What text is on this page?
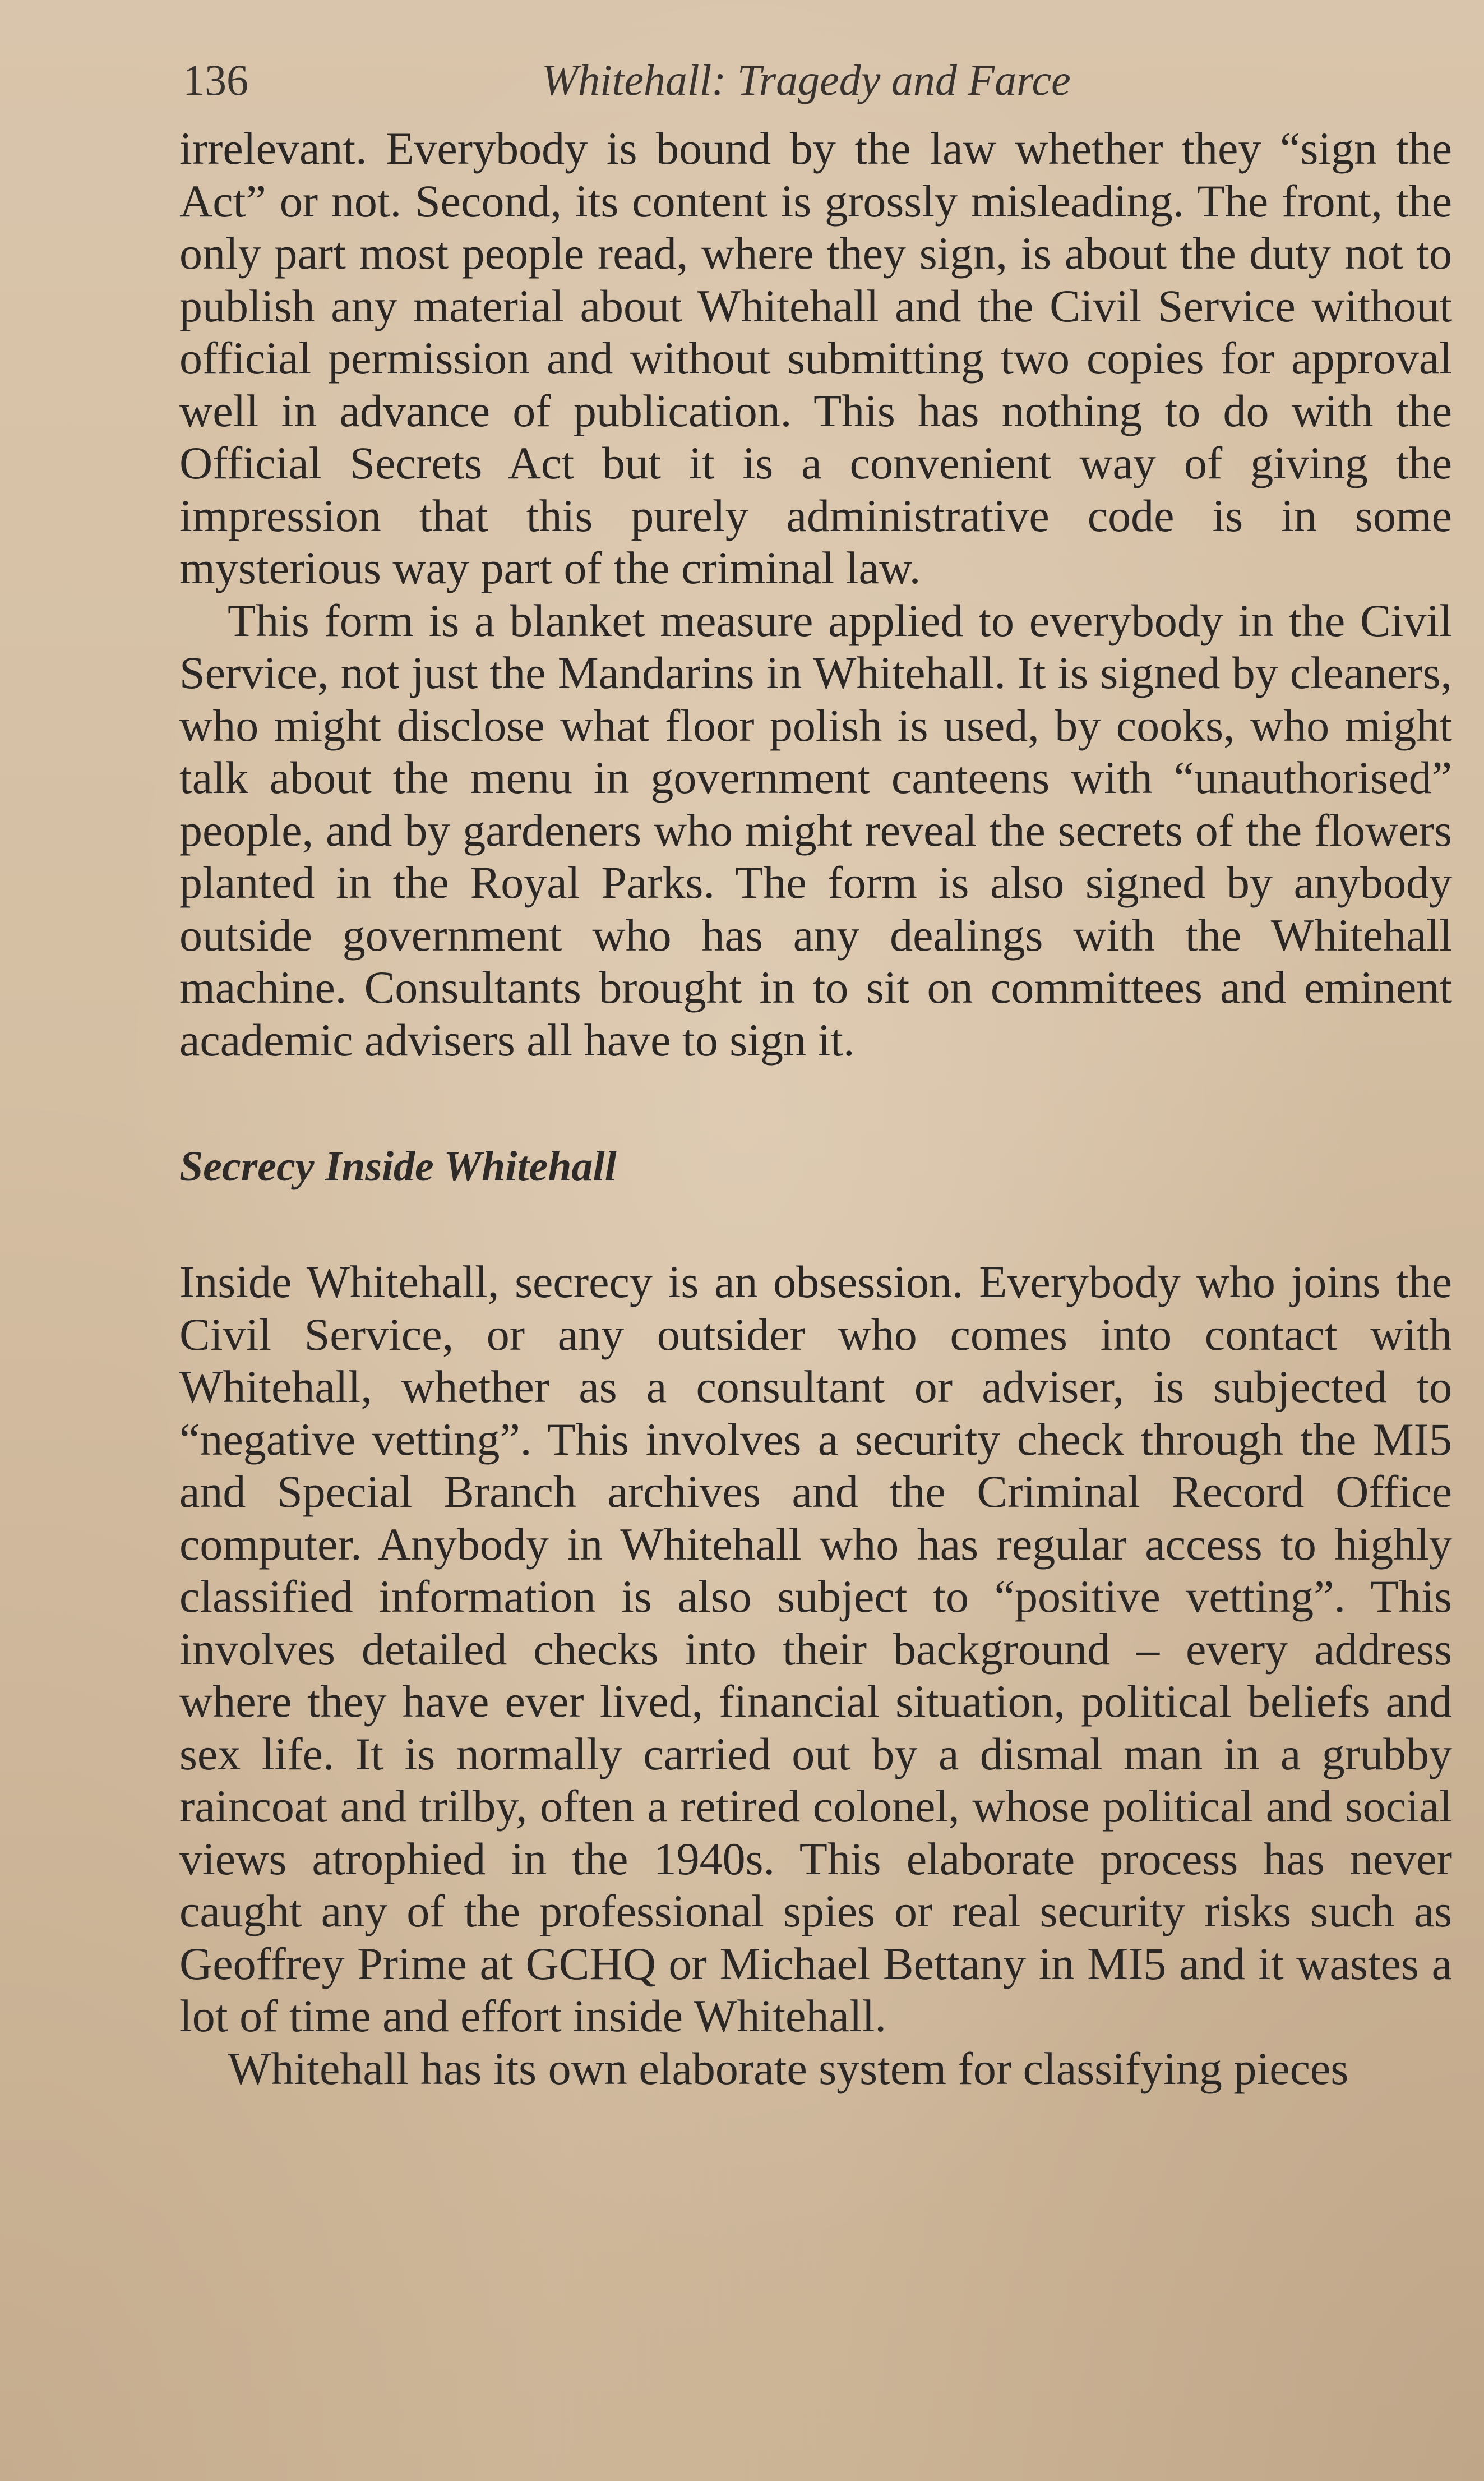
136	Whitehall: Tragedy and Farce

irrelevant. Everybody is bound by the law whether they “sign the Act” or not. Second, its content is grossly misleading. The front, the only part most people read, where they sign, is about the duty not to publish any material about Whitehall and the Civil Service without official permission and without submitting two copies for approval well in advance of publication. This has nothing to do with the Official Secrets Act but it is a convenient way of giving the impression that this purely administrative code is in some mysterious way part of the criminal law.

This form is a blanket measure applied to everybody in the Civil Service, not just the Mandarins in Whitehall. It is signed by cleaners, who might disclose what floor polish is used, by cooks, who might talk about the menu in government canteens with “unauthorised” people, and by gardeners who might reveal the secrets of the flowers planted in the Royal Parks. The form is also signed by anybody outside government who has any dealings with the Whitehall machine. Consultants brought in to sit on committees and eminent academic advisers all have to sign it.

Secrecy Inside Whitehall

Inside Whitehall, secrecy is an obsession. Everybody who joins the Civil Service, or any outsider who comes into contact with Whitehall, whether as a consultant or adviser, is subjected to “negative vetting”. This involves a security check through the MI5 and Special Branch archives and the Criminal Record Office computer. Anybody in Whitehall who has regular access to highly classified information is also subject to “positive vetting”. This involves detailed checks into their background – every address where they have ever lived, financial situation, political beliefs and sex life. It is normally carried out by a dismal man in a grubby raincoat and trilby, often a retired colonel, whose political and social views atrophied in the 1940s. This elaborate process has never caught any of the professional spies or real security risks such as Geoffrey Prime at GCHQ or Michael Bettany in MI5 and it wastes a lot of time and effort inside Whitehall.

Whitehall has its own elaborate system for classifying pieces
